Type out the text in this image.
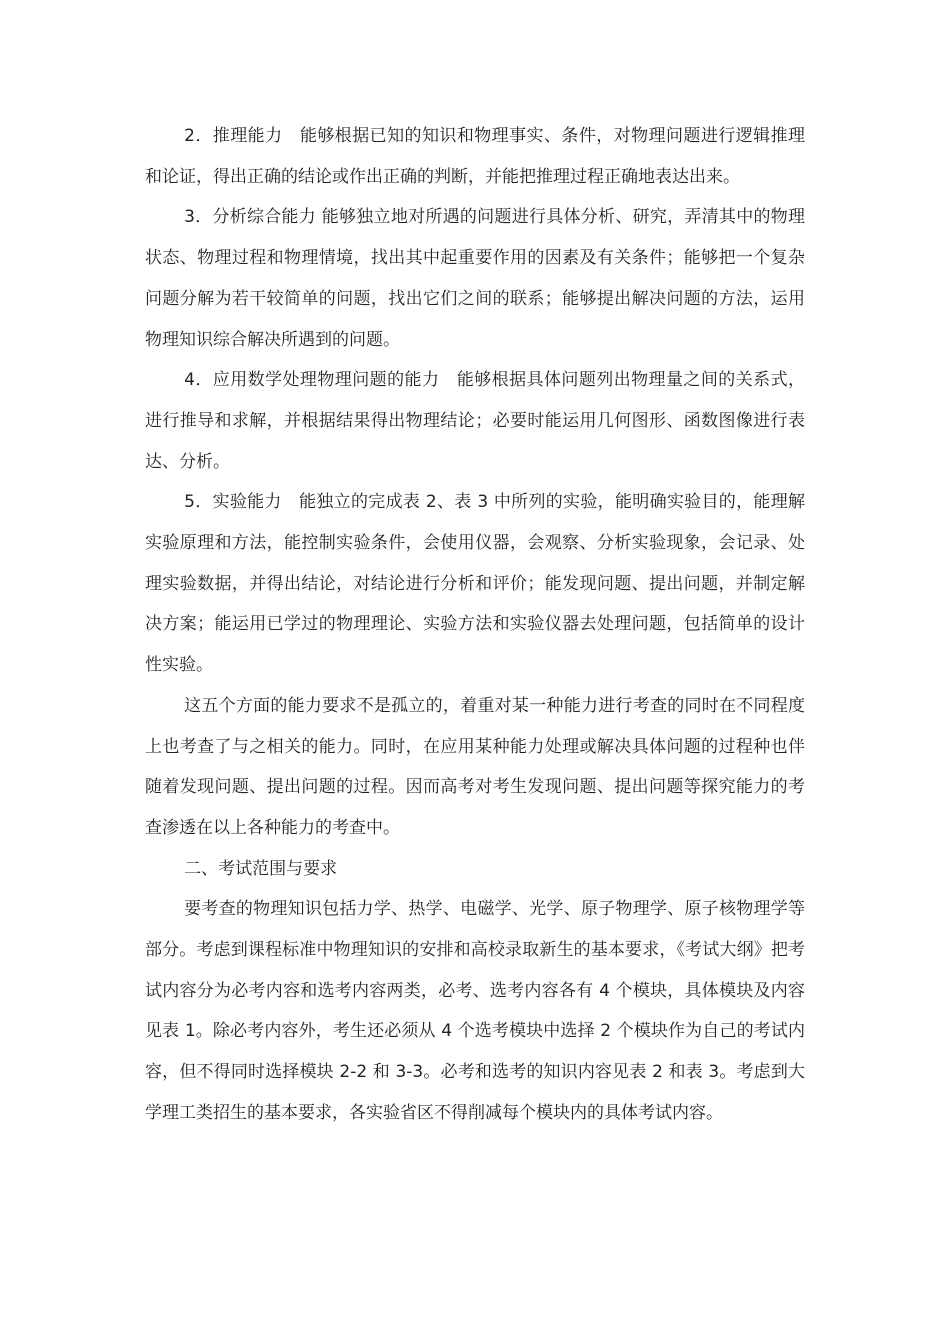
2．推理能力　 能够根据已知的知识和物理事实、条件，对物理问题进行逻辑推理和论证，得出正确的结论或作出正确的判断，并能把推理过程正确地表达出来。

3．分析综合能力 能够独立地对所遇的问题进行具体分析、研究，弄清其中的物理状态、物理过程和物理情境，找出其中起重要作用的因素及有关条件；能够把一个复杂问题分解为若干较简单的问题，找出它们之间的联系；能够提出解决问题的方法，运用物理知识综合解决所遇到的问题。

4．应用数学处理物理问题的能力　 能够根据具体问题列出物理量之间的关系式，进行推导和求解，并根据结果得出物理结论；必要时能运用几何图形、函数图像进行表达、分析。

5．实验能力　 能独立的完成表 2、表 3 中所列的实验，能明确实验目的，能理解实验原理和方法，能控制实验条件，会使用仪器，会观察、分析实验现象，会记录、处理实验数据，并得出结论，对结论进行分析和评价；能发现问题、提出问题，并制定解决方案；能运用已学过的物理理论、实验方法和实验仪器去处理问题，包括简单的设计性实验。

这五个方面的能力要求不是孤立的，着重对某一种能力进行考查的同时在不同程度上也考查了与之相关的能力。同时，在应用某种能力处理或解决具体问题的过程种也伴随着发现问题、提出问题的过程。因而高考对考生发现问题、提出问题等探究能力的考查渗透在以上各种能力的考查中。

二、考试范围与要求

要考查的物理知识包括力学、热学、电磁学、光学、原子物理学、原子核物理学等部分。考虑到课程标准中物理知识的安排和高校录取新生的基本要求，《考试大纲》把考试内容分为必考内容和选考内容两类，必考、选考内容各有 4 个模块，具体模块及内容见表 1。除必考内容外，考生还必须从 4 个选考模块中选择 2 个模块作为自己的考试内容，但不得同时选择模块 2-2 和 3-3。必考和选考的知识内容见表 2 和表 3。考虑到大学理工类招生的基本要求，各实验省区不得削减每个模块内的具体考试内容。
